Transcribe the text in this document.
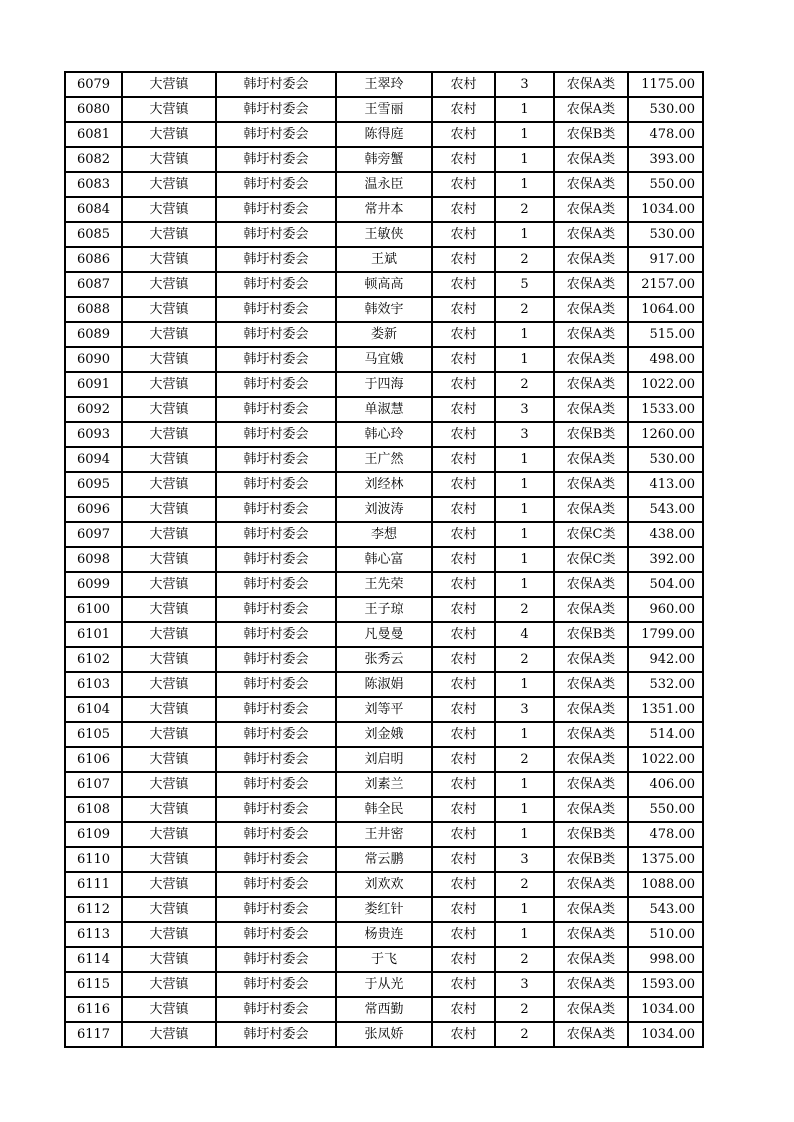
6079	大营镇	韩圩村委会	王翠玲	农村	3	农保A类	1175.00
6080	大营镇	韩圩村委会	王雪丽	农村	1	农保A类	530.00
6081	大营镇	韩圩村委会	陈得庭	农村	1	农保B类	478.00
6082	大营镇	韩圩村委会	韩旁蟹	农村	1	农保A类	393.00
6083	大营镇	韩圩村委会	温永臣	农村	1	农保A类	550.00
6084	大营镇	韩圩村委会	常井本	农村	2	农保A类	1034.00
6085	大营镇	韩圩村委会	王敏侠	农村	1	农保A类	530.00
6086	大营镇	韩圩村委会	王斌	农村	2	农保A类	917.00
6087	大营镇	韩圩村委会	顿高高	农村	5	农保A类	2157.00
6088	大营镇	韩圩村委会	韩效宇	农村	2	农保A类	1064.00
6089	大营镇	韩圩村委会	娄新	农村	1	农保A类	515.00
6090	大营镇	韩圩村委会	马宜娥	农村	1	农保A类	498.00
6091	大营镇	韩圩村委会	于四海	农村	2	农保A类	1022.00
6092	大营镇	韩圩村委会	单淑慧	农村	3	农保A类	1533.00
6093	大营镇	韩圩村委会	韩心玲	农村	3	农保B类	1260.00
6094	大营镇	韩圩村委会	王广然	农村	1	农保A类	530.00
6095	大营镇	韩圩村委会	刘经林	农村	1	农保A类	413.00
6096	大营镇	韩圩村委会	刘波涛	农村	1	农保A类	543.00
6097	大营镇	韩圩村委会	李想	农村	1	农保C类	438.00
6098	大营镇	韩圩村委会	韩心富	农村	1	农保C类	392.00
6099	大营镇	韩圩村委会	王先荣	农村	1	农保A类	504.00
6100	大营镇	韩圩村委会	王子琼	农村	2	农保A类	960.00
6101	大营镇	韩圩村委会	凡曼曼	农村	4	农保B类	1799.00
6102	大营镇	韩圩村委会	张秀云	农村	2	农保A类	942.00
6103	大营镇	韩圩村委会	陈淑娟	农村	1	农保A类	532.00
6104	大营镇	韩圩村委会	刘等平	农村	3	农保A类	1351.00
6105	大营镇	韩圩村委会	刘金娥	农村	1	农保A类	514.00
6106	大营镇	韩圩村委会	刘启明	农村	2	农保A类	1022.00
6107	大营镇	韩圩村委会	刘素兰	农村	1	农保A类	406.00
6108	大营镇	韩圩村委会	韩全民	农村	1	农保A类	550.00
6109	大营镇	韩圩村委会	王井密	农村	1	农保B类	478.00
6110	大营镇	韩圩村委会	常云鹏	农村	3	农保B类	1375.00
6111	大营镇	韩圩村委会	刘欢欢	农村	2	农保A类	1088.00
6112	大营镇	韩圩村委会	娄红针	农村	1	农保A类	543.00
6113	大营镇	韩圩村委会	杨贵连	农村	1	农保A类	510.00
6114	大营镇	韩圩村委会	于飞	农村	2	农保A类	998.00
6115	大营镇	韩圩村委会	于从光	农村	3	农保A类	1593.00
6116	大营镇	韩圩村委会	常西勤	农村	2	农保A类	1034.00
6117	大营镇	韩圩村委会	张凤娇	农村	2	农保A类	1034.00
